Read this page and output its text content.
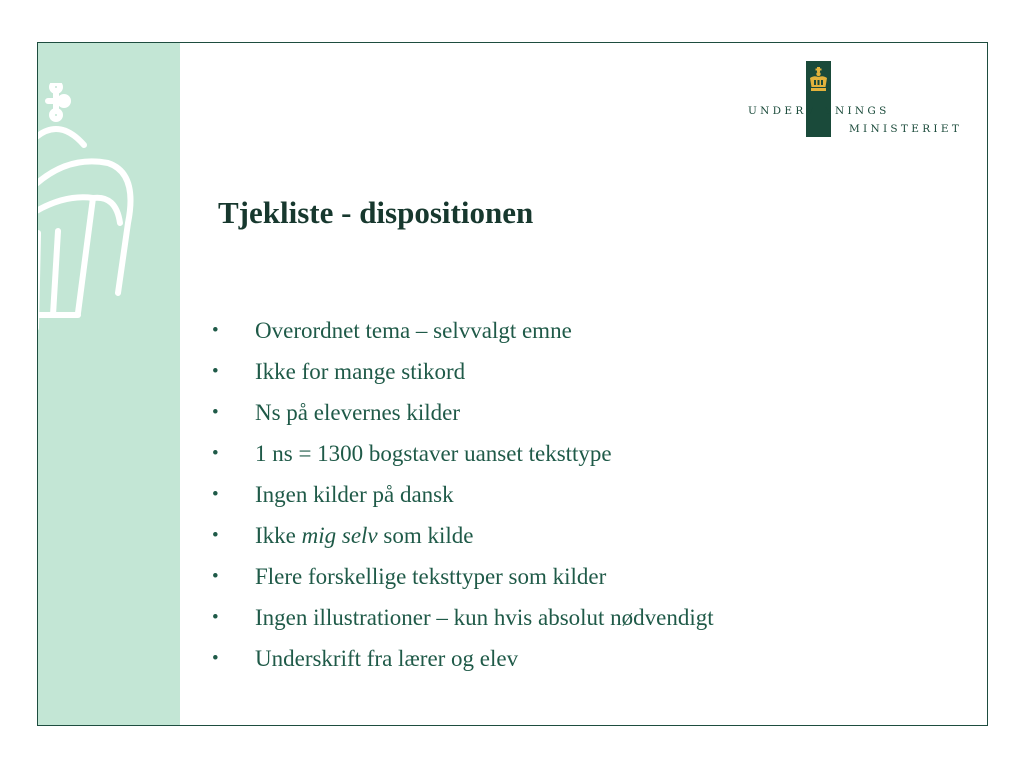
UNDERVISNINGS
MINISTERIET
Tjekliste - dispositionen
• Overordnet tema – selvvalgt emne
• Ikke for mange stikord
• Ns på elevernes kilder
• 1 ns = 1300 bogstaver uanset teksttype
• Ingen kilder på dansk
• Ikke mig selv som kilde
• Flere forskellige teksttyper som kilder
• Ingen illustrationer – kun hvis absolut nødvendigt
• Underskrift fra lærer og elev
